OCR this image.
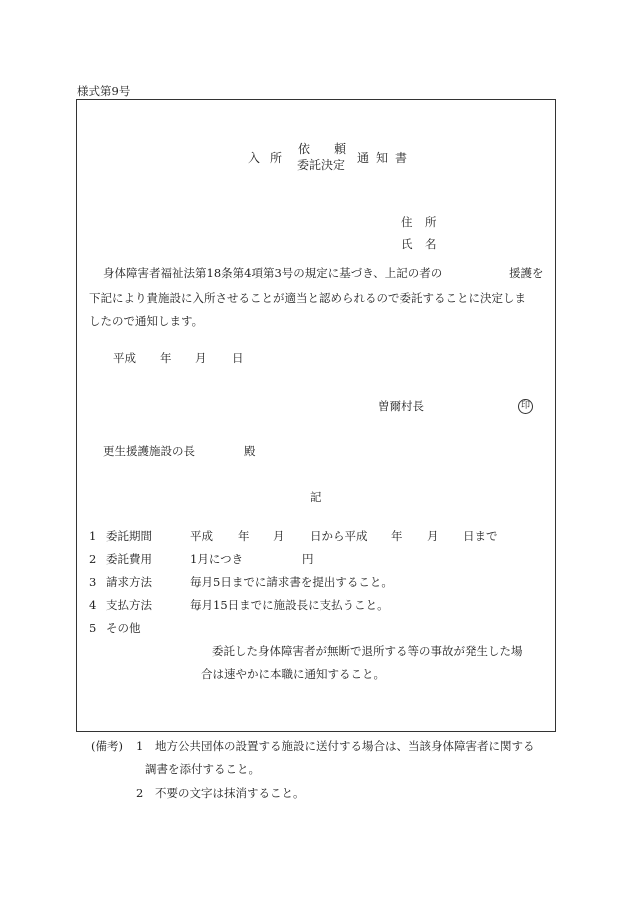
様式第9号
入 所
依 頼
委託決定 通 知 書
住 所
氏 名
身体障害者福祉法第18条第4項第3号の規定に基づき、上記の者の	援護を
下記により貴施設に入所させることが適当と認められるので委託することに決定しま
したので通知します。
平成 年 月 日
曽爾村長	印
更生援護施設の長	殿
記
1 委託期間	平成 年 月 日から平成 年 月 日まで
2 委託費用	1月につき	円
3 請求方法	毎月5日までに請求書を提出すること。
4 支払方法	毎月15日までに施設長に支払うこと。
5 その他
委託した身体障害者が無断で退所する等の事故が発生した場
合は速やかに本職に通知すること。
(備考) 1 地方公共団体の設置する施設に送付する場合は、当該身体障害者に関する
調書を添付すること。
2 不要の文字は抹消すること。
